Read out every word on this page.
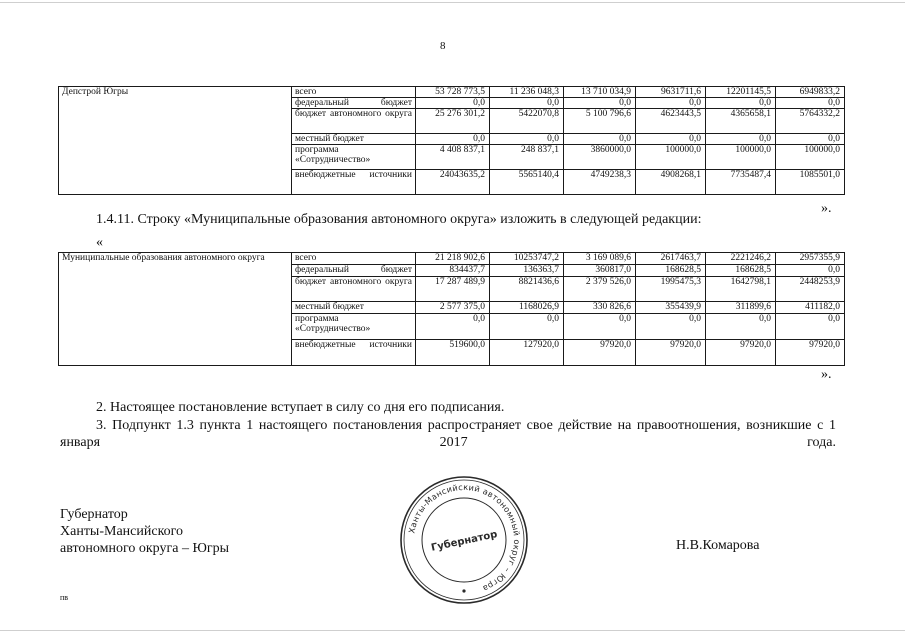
8
Депстрой Югры	всего	53 728 773,5	11 236 048,3	13 710 034,9	9631711,6	12201145,5	6949833,2
	федеральный бюджет	0,0	0,0	0,0	0,0	0,0	0,0
	бюджет автономного округа	25 276 301,2	5422070,8	5 100 796,6	4623443,5	4365658,1	5764332,2
	местный бюджет	0,0	0,0	0,0	0,0	0,0	0,0
	программа «Сотрудничество»	4 408 837,1	248 837,1	3860000,0	100000,0	100000,0	100000,0
	внебюджетные источники	24043635,2	5565140,4	4749238,3	4908268,1	7735487,4	1085501,0
».
1.4.11. Строку «Муниципальные образования автономного округа» изложить в следующей редакции:
«
Муниципальные образования автономного округа	всего	21 218 902,6	10253747,2	3 169 089,6	2617463,7	2221246,2	2957355,9
	федеральный бюджет	834437,7	136363,7	360817,0	168628,5	168628,5	0,0
	бюджет автономного округа	17 287 489,9	8821436,6	2 379 526,0	1995475,3	1642798,1	2448253,9
	местный бюджет	2 577 375,0	1168026,9	330 826,6	355439,9	311899,6	411182,0
	программа «Сотрудничество»	0,0	0,0	0,0	0,0	0,0	0,0
	внебюджетные источники	519600,0	127920,0	97920,0	97920,0	97920,0	97920,0
».
2. Настоящее постановление вступает в силу со дня его подписания.
3. Подпункт 1.3 пункта 1 настоящего постановления распространяет свое действие на правоотношения, возникшие с 1 января 2017 года.
Губернатор
Ханты-Мансийского
автономного округа – Югры
Ханты-Мансийский автономный округ – Югра
Губернатор	Н.В.Комарова
пв
